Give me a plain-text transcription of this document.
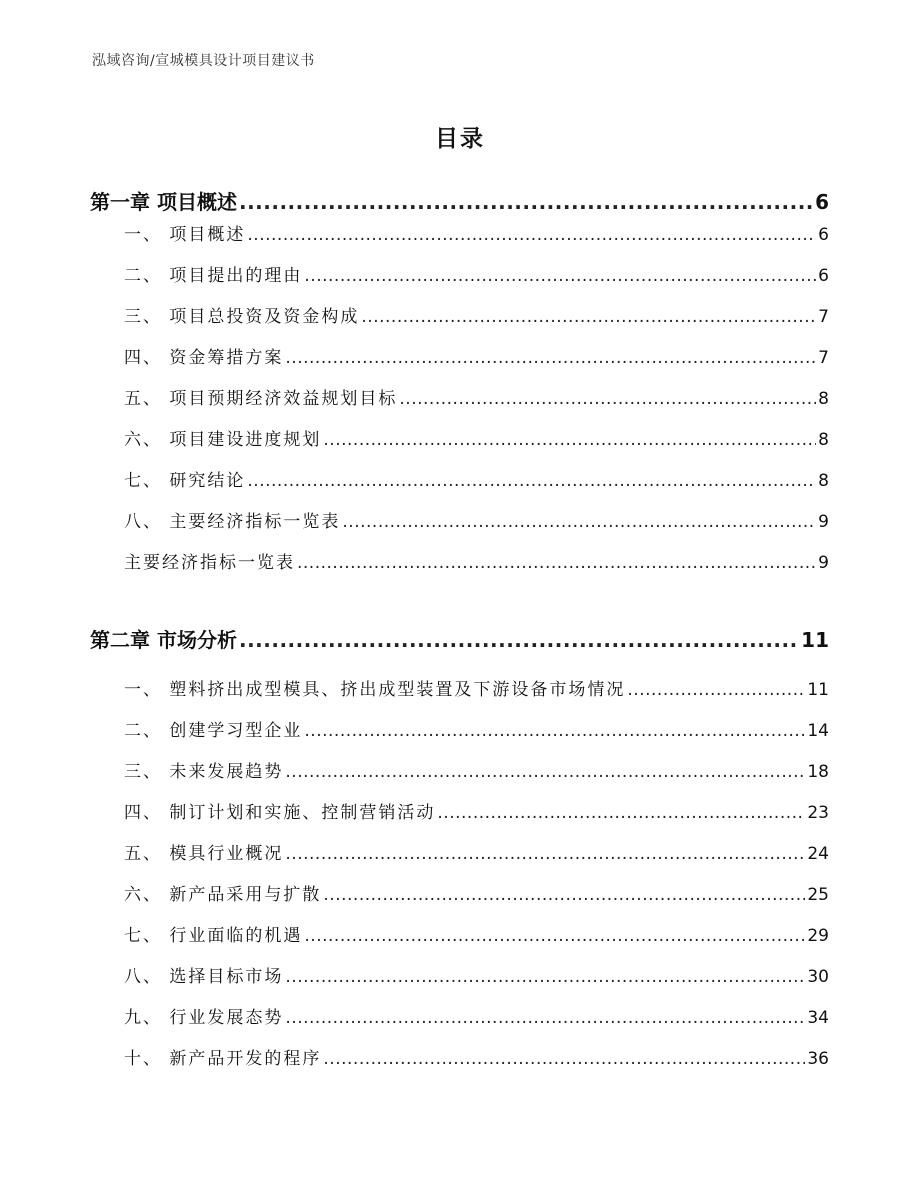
泓域咨询/宣城模具设计项目建议书
目录
第一章 项目概述 .....	6
一、 项目概述 .....	6
二、 项目提出的理由 .....	6
三、 项目总投资及资金构成 .....	7
四、 资金筹措方案 .....	7
五、 项目预期经济效益规划目标 .....	8
六、 项目建设进度规划 .....	8
七、 研究结论 .....	8
八、 主要经济指标一览表 .....	9
主要经济指标一览表 .....	9
第二章 市场分析 .....	11
一、 塑料挤出成型模具、挤出成型装置及下游设备市场情况 .....	11
二、 创建学习型企业 .....	14
三、 未来发展趋势 .....	18
四、 制订计划和实施、控制营销活动 .....	23
五、 模具行业概况 .....	24
六、 新产品采用与扩散 .....	25
七、 行业面临的机遇 .....	29
八、 选择目标市场 .....	30
九、 行业发展态势 .....	34
十、 新产品开发的程序 .....	36
